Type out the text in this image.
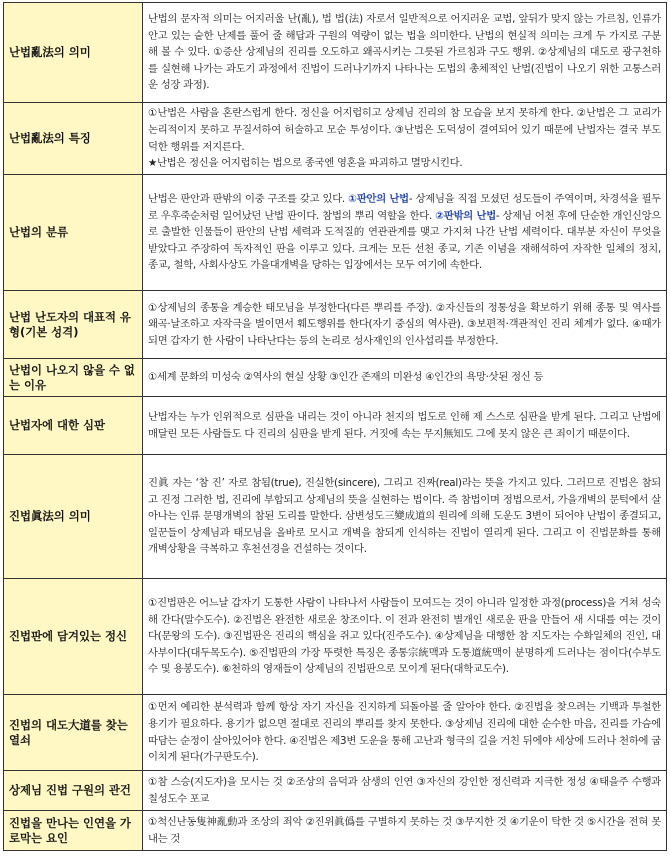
난법亂法의 의미	난법의 문자적 의미는 어지러울 난(亂), 법 법(法) 자로서 일반적으로 어지러운 교법, 앞뒤가 맞지 않는 가르침, 인류가 안고 있는 숱한 난제를 풀어 줄 해답과 구원의 역량이 없는 법을 의미한다. 난법의 현실적 의미는 크게 두 가지로 구분해 볼 수 있다. ①증산 상제님의 진리를 오도하고 왜곡시키는 그릇된 가르침과 구도 행위. ②상제님의 대도로 광구천하를 실현해 나가는 과도기 과정에서 진법이 드러나기까지 나타나는 도법의 총체적인 난법(진법이 나오기 위한 고통스러운 성장 과정).
난법亂法의 특징	①난법은 사람을 혼란스럽게 한다. 정신을 어지럽히고 상제님 진리의 참 모습을 보지 못하게 한다. ②난법은 그 교리가 논리적이지 못하고 무질서하여 허술하고 모순 투성이다. ③난법은 도덕성이 결여되어 있기 때문에 난법자는 결국 부도덕한 행위를 저지른다.
★난법은 정신을 어지럽히는 법으로 종국엔 영혼을 파괴하고 멸망시킨다.
난법의 분류	난법은 판안과 판밖의 이중 구조를 갖고 있다. ①판안의 난법- 상제님을 직접 모셨던 성도들이 주역이며, 차경석을 필두로 우후죽순처럼 일어났던 난법 판이다. 참법의 뿌리 역할을 한다. ②판밖의 난법- 상제님 어천 후에 단순한 개인신앙으로 출발한 인물들이 판안의 난법 세력과 도적질的 연관관계를 맺고 가지쳐 나간 난법 세력이다. 대부분 자신이 무엇을 받았다고 주장하여 독자적인 판을 이루고 있다. 크게는 모든 선천 종교, 기존 이념을 재해석하여 자작한 일체의 정치, 종교, 철학, 사회사상도 가을대개벽을 당하는 입장에서는 모두 여기에 속한다.
난법 난도자의 대표적 유형(기본 성격)	①상제님의 종통을 계승한 태모님을 부정한다(다른 뿌리를 주장). ②자신들의 정통성을 확보하기 위해 종통 및 역사를 왜곡·날조하고 자작극을 벌이면서 훼도행위를 한다(자기 중심의 역사관). ③보편적·객관적인 진리 체계가 없다. ④때가 되면 갑자기 한 사람이 나타난다는 등의 논리로 성사재인의 인사섭리를 부정한다.
난법이 나오지 않을 수 없는 이유	①세계 문화의 미성숙 ②역사의 현실 상황 ③인간 존재의 미완성 ④인간의 욕망·삿된 정신 등
난법자에 대한 심판	난법자는 누가 인위적으로 심판을 내리는 것이 아니라 천지의 법도로 인해 제 스스로 심판을 받게 된다. 그리고 난법에 매달린 모든 사람들도 다 진리의 심판을 받게 된다. 거짓에 속는 무지無知도 그에 못지 않은 큰 죄이기 때문이다.
진법眞法의 의미	진眞 자는 ‘참 진’ 자로 참됨(true), 진실한(sincere), 그리고 진짜(real)라는 뜻을 가지고 있다. 그러므로 진법은 참되고 진정 그러한 법, 진리에 부합되고 상제님의 뜻을 실현하는 법이다. 즉 참법이며 정법으로서, 가을개벽의 문턱에서 살아나는 인류 문명개벽의 참된 도리를 말한다. 삼변성도三變成道의 원리에 의해 도운도 3변이 되어야 난법이 종결되고, 일꾼들이 상제님과 태모님을 올바로 모시고 개벽을 참되게 인식하는 진법이 열리게 된다. 그리고 이 진법문화를 통해 개벽상황을 극복하고 후천선경을 건설하는 것이다.
진법판에 담겨있는 정신	①진법판은 어느날 갑자기 도통한 사람이 나타나서 사람들이 모여드는 것이 아니라 일정한 과정(process)을 거쳐 성숙해 간다(말수도수). ②진법은 완전한 새로운 창조이다. 이 전과 완전히 별개인 새로운 판을 만들어 새 시대를 여는 것이다(문왕의 도수). ③진법판은 진리의 핵심을 쥐고 있다(진주도수). ④상제님을 대행한 참 지도자는 수화일체의 진인, 대사부이다(대두목도수). ⑤진법판의 가장 뚜렷한 특징은 종통宗統맥과 도통道統맥이 분명하게 드러나는 점이다(수부도수 및 용봉도수). ⑥천하의 영재들이 상제님의 진법판으로 모이게 된다(대학교도수).
진법의 대도大道를 찾는열쇠	①먼저 예리한 분석력과 함께 항상 자기 자신을 진지하게 되돌아볼 줄 알아야 한다. ②진법을 찾으려는 기백과 투철한 용기가 필요하다. 용기가 없으면 절대로 진리의 뿌리를 찾지 못한다. ③상제님 진리에 대한 순수한 마음, 진리를 가슴에 따담는 순정이 살아있어야 한다. ④진법은 제3변 도운을 통해 고난과 형극의 길을 거친 뒤에야 세상에 드러나 천하에 굽이치게 된다(가구판도수).
상제님 진법 구원의 관건	①참 스승(지도자)을 모시는 것 ②조상의 음덕과 삼생의 인연 ③자신의 강인한 정신력과 지극한 정성 ④태을주 수행과 칠성도수 포교
진법을 만나는 인연을 가로막는 요인	①척신난동隻神亂動과 조상의 죄악 ②진위眞僞를 구별하지 못하는 것 ③무지한 것 ④기운이 탁한 것 ⑤시간을 전혀 못내는 것
